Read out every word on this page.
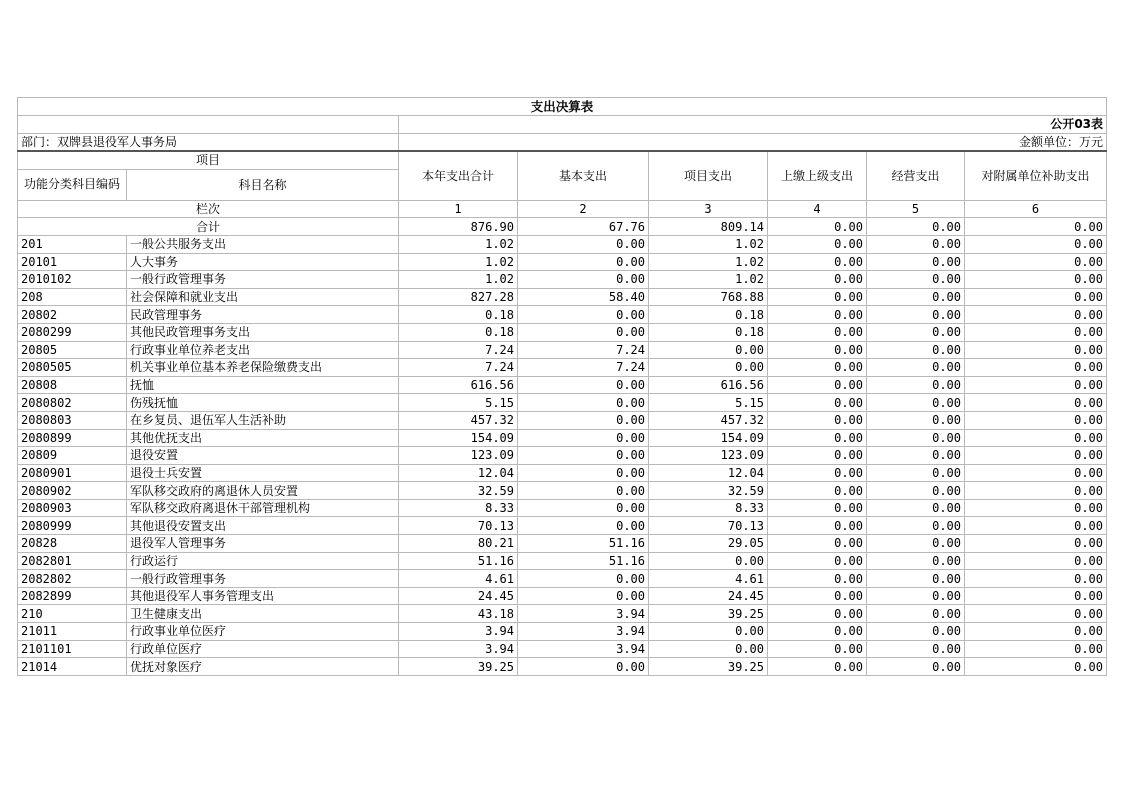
支出决算表							
		公开03表					
部门：双牌县退役军人事务局		金额单位：万元					
项目		本年支出合计	基本支出	项目支出	上缴上级支出	经营支出	对附属单位补助支出
功能分类科目编码	科目名称						
栏次		1	2	3	4	5	6
合计		876.90	67.76	809.14	0.00	0.00	0.00
201	一般公共服务支出	1.02	0.00	1.02	0.00	0.00	0.00
20101	人大事务	1.02	0.00	1.02	0.00	0.00	0.00
2010102	一般行政管理事务	1.02	0.00	1.02	0.00	0.00	0.00
208	社会保障和就业支出	827.28	58.40	768.88	0.00	0.00	0.00
20802	民政管理事务	0.18	0.00	0.18	0.00	0.00	0.00
2080299	其他民政管理事务支出	0.18	0.00	0.18	0.00	0.00	0.00
20805	行政事业单位养老支出	7.24	7.24	0.00	0.00	0.00	0.00
2080505	机关事业单位基本养老保险缴费支出	7.24	7.24	0.00	0.00	0.00	0.00
20808	抚恤	616.56	0.00	616.56	0.00	0.00	0.00
2080802	伤残抚恤	5.15	0.00	5.15	0.00	0.00	0.00
2080803	在乡复员、退伍军人生活补助	457.32	0.00	457.32	0.00	0.00	0.00
2080899	其他优抚支出	154.09	0.00	154.09	0.00	0.00	0.00
20809	退役安置	123.09	0.00	123.09	0.00	0.00	0.00
2080901	退役士兵安置	12.04	0.00	12.04	0.00	0.00	0.00
2080902	军队移交政府的离退休人员安置	32.59	0.00	32.59	0.00	0.00	0.00
2080903	军队移交政府离退休干部管理机构	8.33	0.00	8.33	0.00	0.00	0.00
2080999	其他退役安置支出	70.13	0.00	70.13	0.00	0.00	0.00
20828	退役军人管理事务	80.21	51.16	29.05	0.00	0.00	0.00
2082801	行政运行	51.16	51.16	0.00	0.00	0.00	0.00
2082802	一般行政管理事务	4.61	0.00	4.61	0.00	0.00	0.00
2082899	其他退役军人事务管理支出	24.45	0.00	24.45	0.00	0.00	0.00
210	卫生健康支出	43.18	3.94	39.25	0.00	0.00	0.00
21011	行政事业单位医疗	3.94	3.94	0.00	0.00	0.00	0.00
2101101	行政单位医疗	3.94	3.94	0.00	0.00	0.00	0.00
21014	优抚对象医疗	39.25	0.00	39.25	0.00	0.00	0.00
